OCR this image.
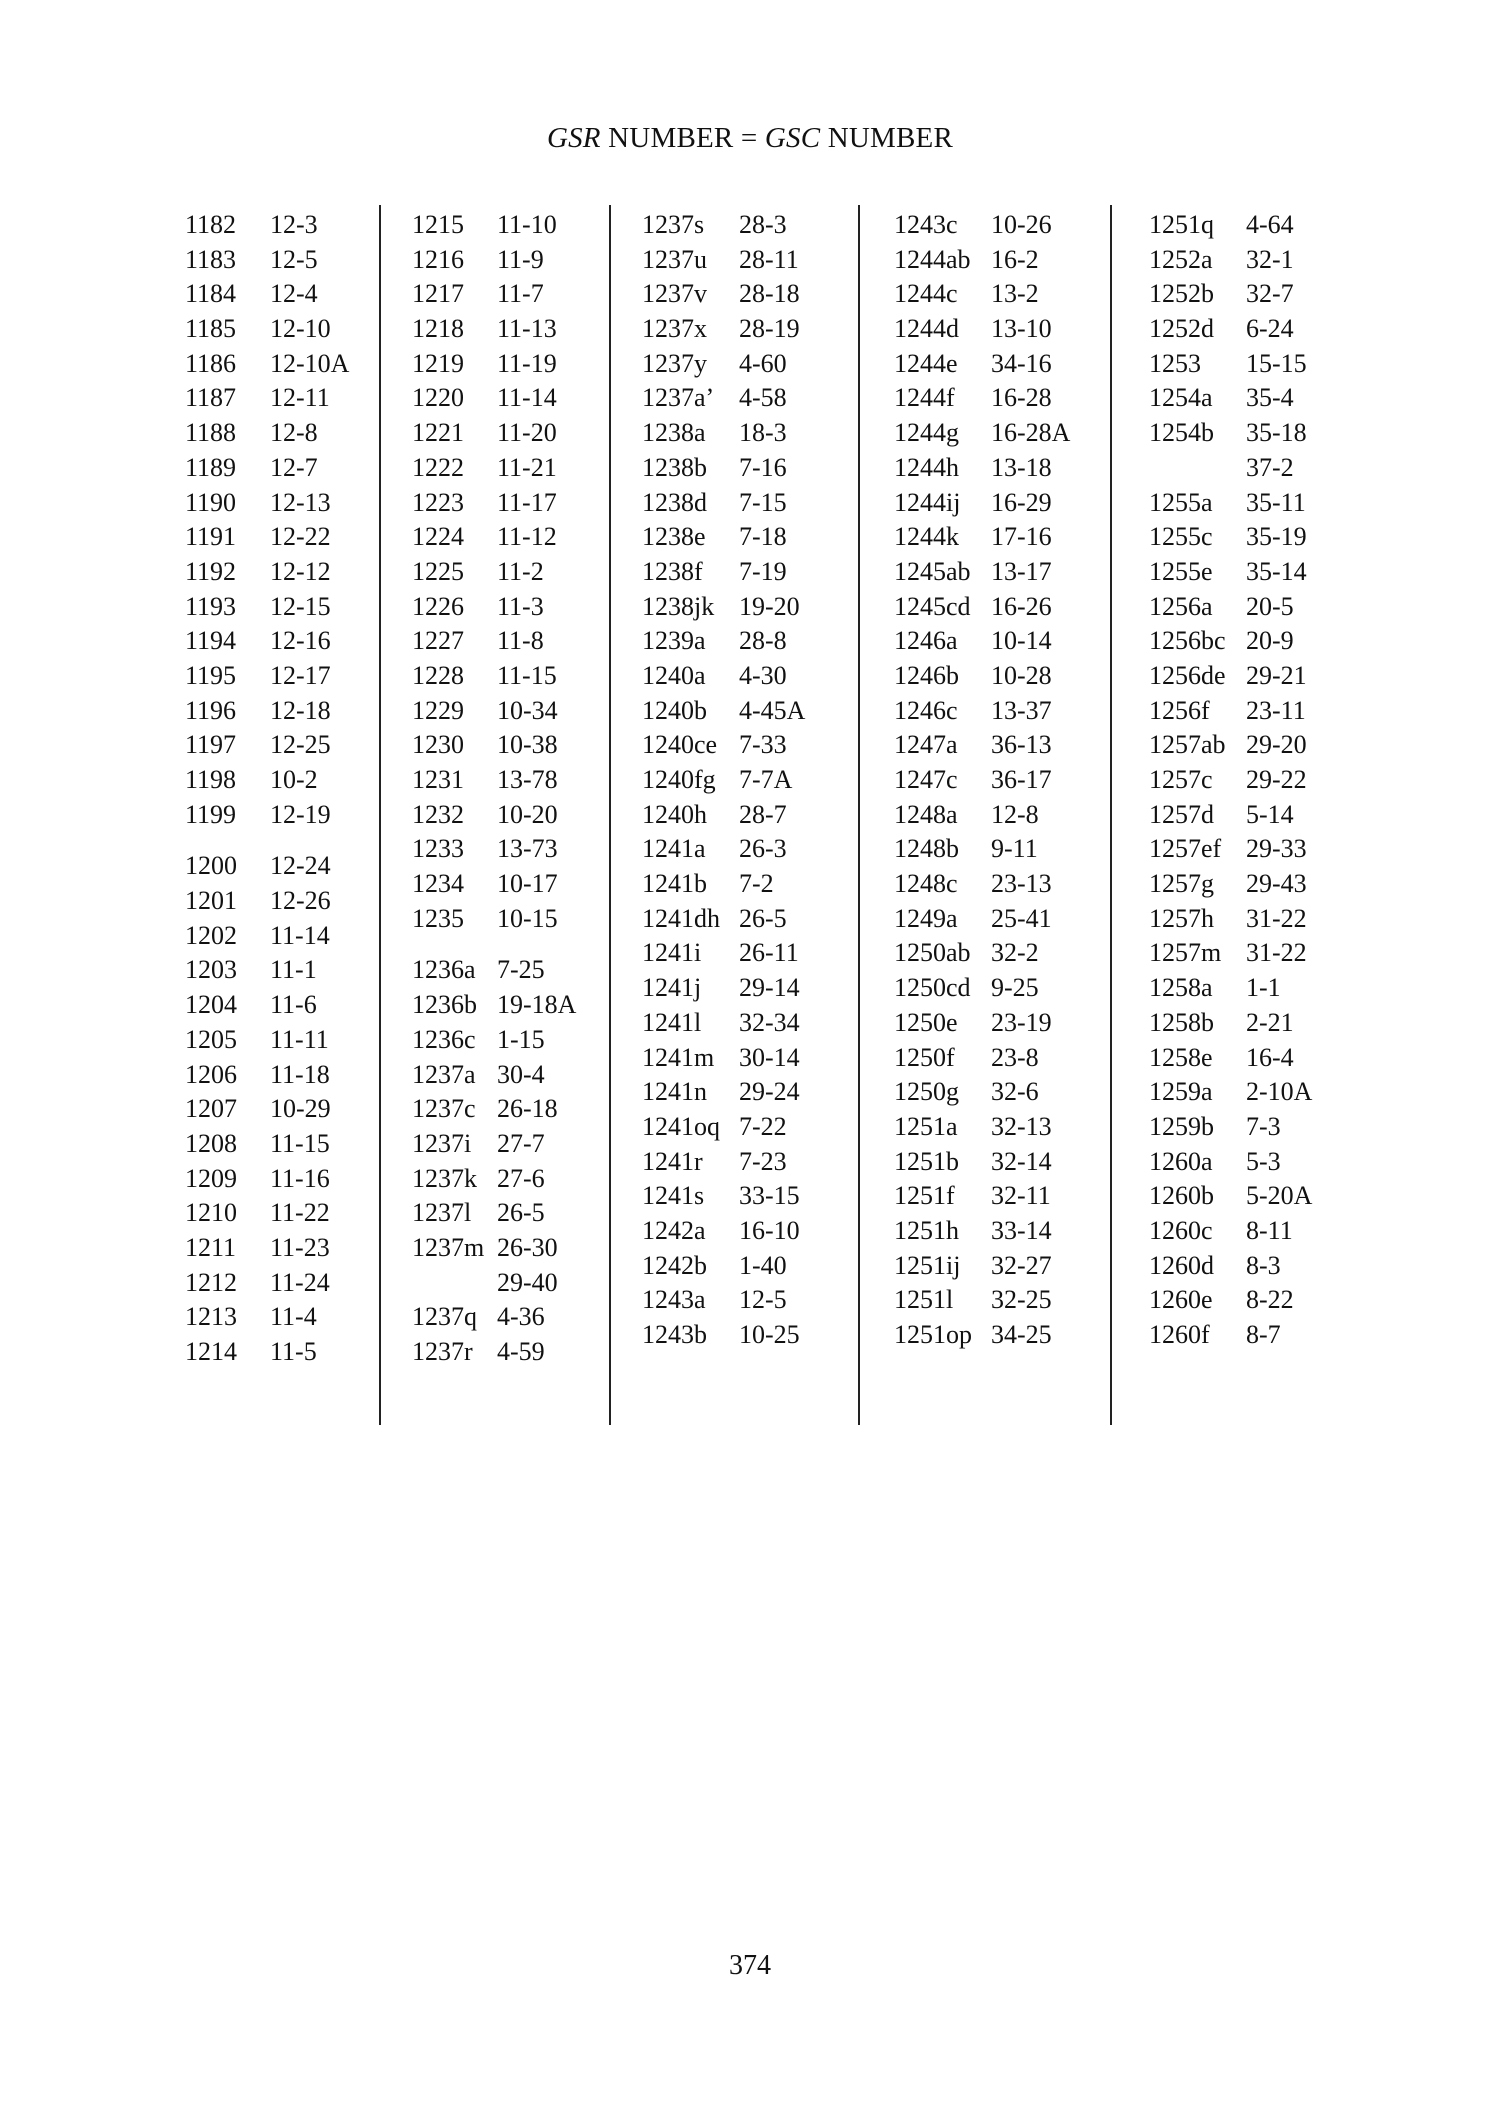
GSR NUMBER = GSC NUMBER
1182 12-3
1183 12-5
1184 12-4
1185 12-10
1186 12-10A
1187 12-11
1188 12-8
1189 12-7
1190 12-13
1191 12-22
1192 12-12
1193 12-15
1194 12-16
1195 12-17
1196 12-18
1197 12-25
1198 10-2
1199 12-19
1200 12-24
1201 12-26
1202 11-14
1203 11-1
1204 11-6
1205 11-11
1206 11-18
1207 10-29
1208 11-15
1209 11-16
1210 11-22
1211 11-23
1212 11-24
1213 11-4
1214 11-5
1215 11-10
1216 11-9
1217 11-7
1218 11-13
1219 11-19
1220 11-14
1221 11-20
1222 11-21
1223 11-17
1224 11-12
1225 11-2
1226 11-3
1227 11-8
1228 11-15
1229 10-34
1230 10-38
1231 13-78
1232 10-20
1233 13-73
1234 10-17
1235 10-15
1236a 7-25
1236b 19-18A
1236c 1-15
1237a 30-4
1237c 26-18
1237i 27-7
1237k 27-6
1237l 26-5
1237m 26-30
29-40
1237q 4-36
1237r 4-59
1237s 28-3
1237u 28-11
1237v 28-18
1237x 28-19
1237y 4-60
1237a’ 4-58
1238a 18-3
1238b 7-16
1238d 7-15
1238e 7-18
1238f 7-19
1238jk 19-20
1239a 28-8
1240a 4-30
1240b 4-45A
1240ce 7-33
1240fg 7-7A
1240h 28-7
1241a 26-3
1241b 7-2
1241dh 26-5
1241i 26-11
1241j 29-14
1241l 32-34
1241m 30-14
1241n 29-24
1241oq 7-22
1241r 7-23
1241s 33-15
1242a 16-10
1242b 1-40
1243a 12-5
1243b 10-25
1243c 10-26
1244ab 16-2
1244c 13-2
1244d 13-10
1244e 34-16
1244f 16-28
1244g 16-28A
1244h 13-18
1244ij 16-29
1244k 17-16
1245ab 13-17
1245cd 16-26
1246a 10-14
1246b 10-28
1246c 13-37
1247a 36-13
1247c 36-17
1248a 12-8
1248b 9-11
1248c 23-13
1249a 25-41
1250ab 32-2
1250cd 9-25
1250e 23-19
1250f 23-8
1250g 32-6
1251a 32-13
1251b 32-14
1251f 32-11
1251h 33-14
1251ij 32-27
1251l 32-25
1251op 34-25
1251q 4-64
1252a 32-1
1252b 32-7
1252d 6-24
1253 15-15
1254a 35-4
1254b 35-18
37-2
1255a 35-11
1255c 35-19
1255e 35-14
1256a 20-5
1256bc 20-9
1256de 29-21
1256f 23-11
1257ab 29-20
1257c 29-22
1257d 5-14
1257ef 29-33
1257g 29-43
1257h 31-22
1257m 31-22
1258a 1-1
1258b 2-21
1258e 16-4
1259a 2-10A
1259b 7-3
1260a 5-3
1260b 5-20A
1260c 8-11
1260d 8-3
1260e 8-22
1260f 8-7
374
